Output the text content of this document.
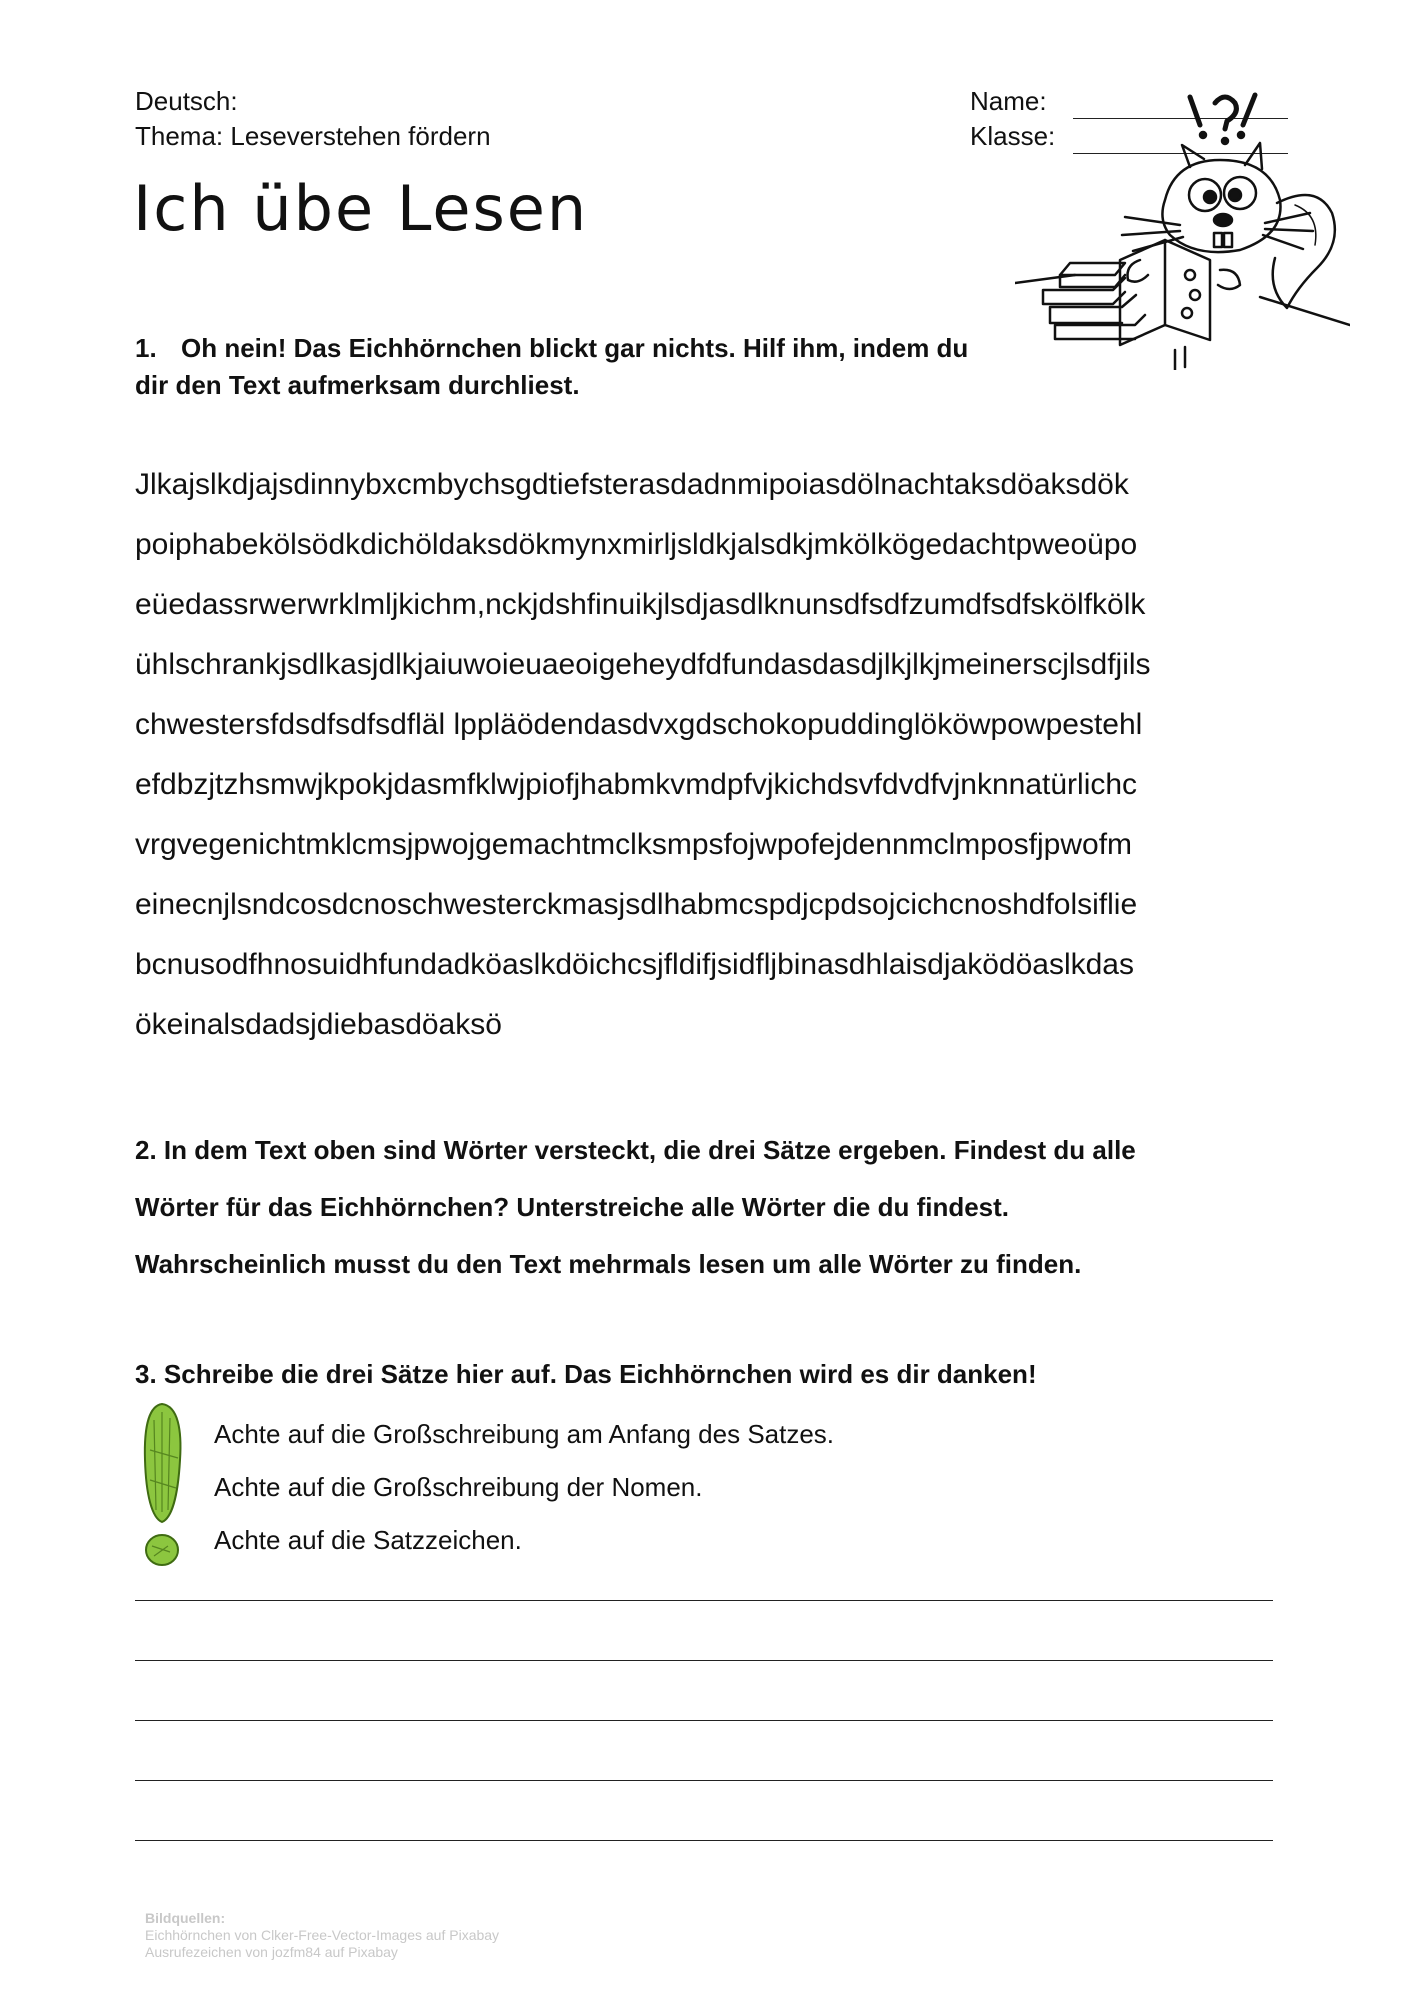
Deutsch:
Thema: Leseverstehen fördern
Name:
Klasse:
Ich übe Lesen

1. Oh nein! Das Eichhörnchen blickt gar nichts. Hilf ihm, indem du
dir den Text aufmerksam durchliest.

Jlkajslkdjajsdinnybxcmbychsgdtiefsterasdadnmipoiasdölnachtaksdöaksdök
poiphabekölsödkdichöldaksdökmynxmirljsldkjalsdkjmkölkögedachtpweoüpo
eüedassrwerwrklmljkichm,nckjdshfinuikjlsdjasdlknunsdfsdfzumdfsdfskölfkölk
ühlschrankjsdlkasjdlkjaiuwoieuaeoigeheydfdfundasdasdjlkjlkjmeinerscjlsdfjils
chwestersfdsdfsdfsdfläl lppläödendasdvxgdschokopuddinglököwpowpestehl
efdbzjtzhsmwjkpokjdasmfklwjpiofjhabmkvmdpfvjkichdsvfdvdfvjnknnatürlichc
vrgvegenichtmklcmsjpwojgemachtmclksmpsfojwpofejdennmclmposfjpwofm
einecnjlsndcosdcnoschwesterckmasjsdlhabmcspdjcpdsojcichcnoshdfolsiflie
bcnusodfhnosuidhfundadköaslkdöichcsjfldifjsidfljbinasdhlaisdjaködöaslkdas
ökeinalsdadsjdiebasdöaksö
2. In dem Text oben sind Wörter versteckt, die drei Sätze ergeben. Findest du alle
Wörter für das Eichhörnchen? Unterstreiche alle Wörter die du findest.
Wahrscheinlich musst du den Text mehrmals lesen um alle Wörter zu finden.
3. Schreibe die drei Sätze hier auf. Das Eichhörnchen wird es dir danken!
Achte auf die Großschreibung am Anfang des Satzes.
Achte auf die Großschreibung der Nomen.
Achte auf die Satzzeichen.
Bildquellen:
Eichhörnchen von Clker-Free-Vector-Images auf Pixabay
Ausrufezeichen von jozfm84 auf Pixabay
